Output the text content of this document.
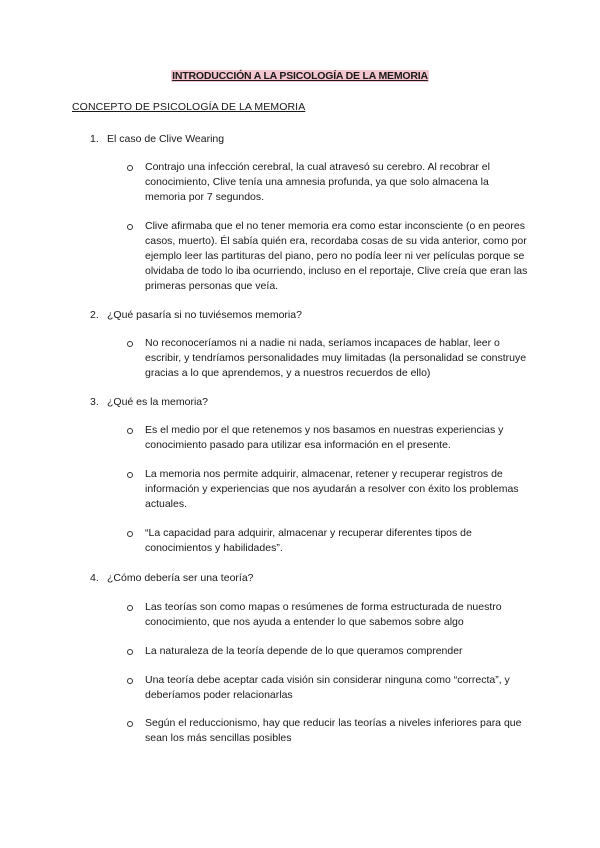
INTRODUCCIÓN A LA PSICOLOGÍA DE LA MEMORIA
CONCEPTO DE PSICOLOGÍA DE LA MEMORIA
1. El caso de Clive Wearing
Contrajo una infección cerebral, la cual atravesó su cerebro. Al recobrar el conocimiento, Clive tenía una amnesia profunda, ya que solo almacena la memoria por 7 segundos.
Clive afirmaba que el no tener memoria era como estar inconsciente (o en peores casos, muerto). Él sabía quién era, recordaba cosas de su vida anterior, como por ejemplo leer las partituras del piano, pero no podía leer ni ver películas porque se olvidaba de todo lo iba ocurriendo, incluso en el reportaje, Clive creía que eran las primeras personas que veía.
2. ¿Qué pasaría si no tuviésemos memoria?
No reconoceríamos ni a nadie ni nada, seríamos incapaces de hablar, leer o escribir, y tendríamos personalidades muy limitadas (la personalidad se construye gracias a lo que aprendemos, y a nuestros recuerdos de ello)
3. ¿Qué es la memoria?
Es el medio por el que retenemos y nos basamos en nuestras experiencias y conocimiento pasado para utilizar esa información en el presente.
La memoria nos permite adquirir, almacenar, retener y recuperar registros de información y experiencias que nos ayudarán a resolver con éxito los problemas actuales.
“La capacidad para adquirir, almacenar y recuperar diferentes tipos de conocimientos y habilidades”.
4. ¿Cómo debería ser una teoría?
Las teorías son como mapas o resúmenes de forma estructurada de nuestro conocimiento, que nos ayuda a entender lo que sabemos sobre algo
La naturaleza de la teoría depende de lo que queramos comprender
Una teoría debe aceptar cada visión sin considerar ninguna como “correcta”, y deberíamos poder relacionarlas
Según el reduccionismo, hay que reducir las teorías a niveles inferiores para que sean los más sencillas posibles
